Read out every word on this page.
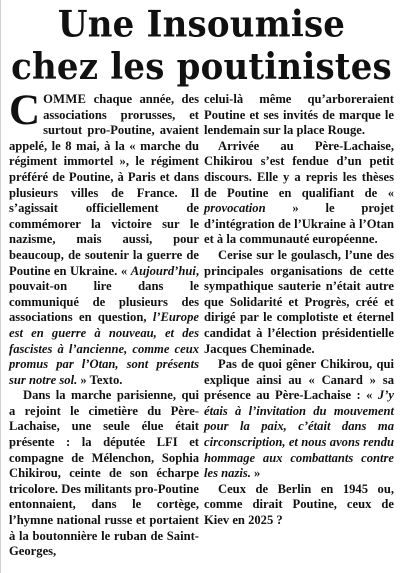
Une Insoumise
chez les poutinistes

COMME chaque année, des associations prorusses, et surtout pro-Poutine, avaient appelé, le 8 mai, à la « marche du régiment immortel », le régiment préféré de Poutine, à Paris et dans plusieurs villes de France. Il s’agissait officiellement de commémorer la victoire sur le nazisme, mais aussi, pour beaucoup, de soutenir la guerre de Poutine en Ukraine. « Aujourd’hui, pouvait-on lire dans le communiqué de plusieurs des associations en question, l’Europe est en guerre à nouveau, et des fascistes à l’ancienne, comme ceux promus par l’Otan, sont présents sur notre sol. » Texto.

Dans la marche parisienne, qui a rejoint le cimetière du Père-Lachaise, une seule élue était présente : la députée LFI et compagne de Mélenchon, Sophia Chikirou, ceinte de son écharpe tricolore. Des militants pro-Poutine entonnaient, dans le cortège, l’hymne national russe et portaient à la boutonnière le ruban de Saint-Georges,

celui-là même qu’arboreraient Poutine et ses invités de marque le lendemain sur la place Rouge.

Arrivée au Père-Lachaise, Chikirou s’est fendue d’un petit discours. Elle y a repris les thèses de Poutine en qualifiant de « provocation » le projet d’intégration de l’Ukraine à l’Otan et à la communauté européenne.

Cerise sur le goulasch, l’une des principales organisations de cette sympathique sauterie n’était autre que Solidarité et Progrès, créé et dirigé par le complotiste et éternel candidat à l’élection présidentielle Jacques Cheminade.

Pas de quoi gêner Chikirou, qui explique ainsi au « Canard » sa présence au Père-Lachaise : « J’y étais à l’invitation du mouvement pour la paix, c’était dans ma circonscription, et nous avons rendu hommage aux combattants contre les nazis. »

Ceux de Berlin en 1945 ou, comme dirait Poutine, ceux de Kiev en 2025 ?
